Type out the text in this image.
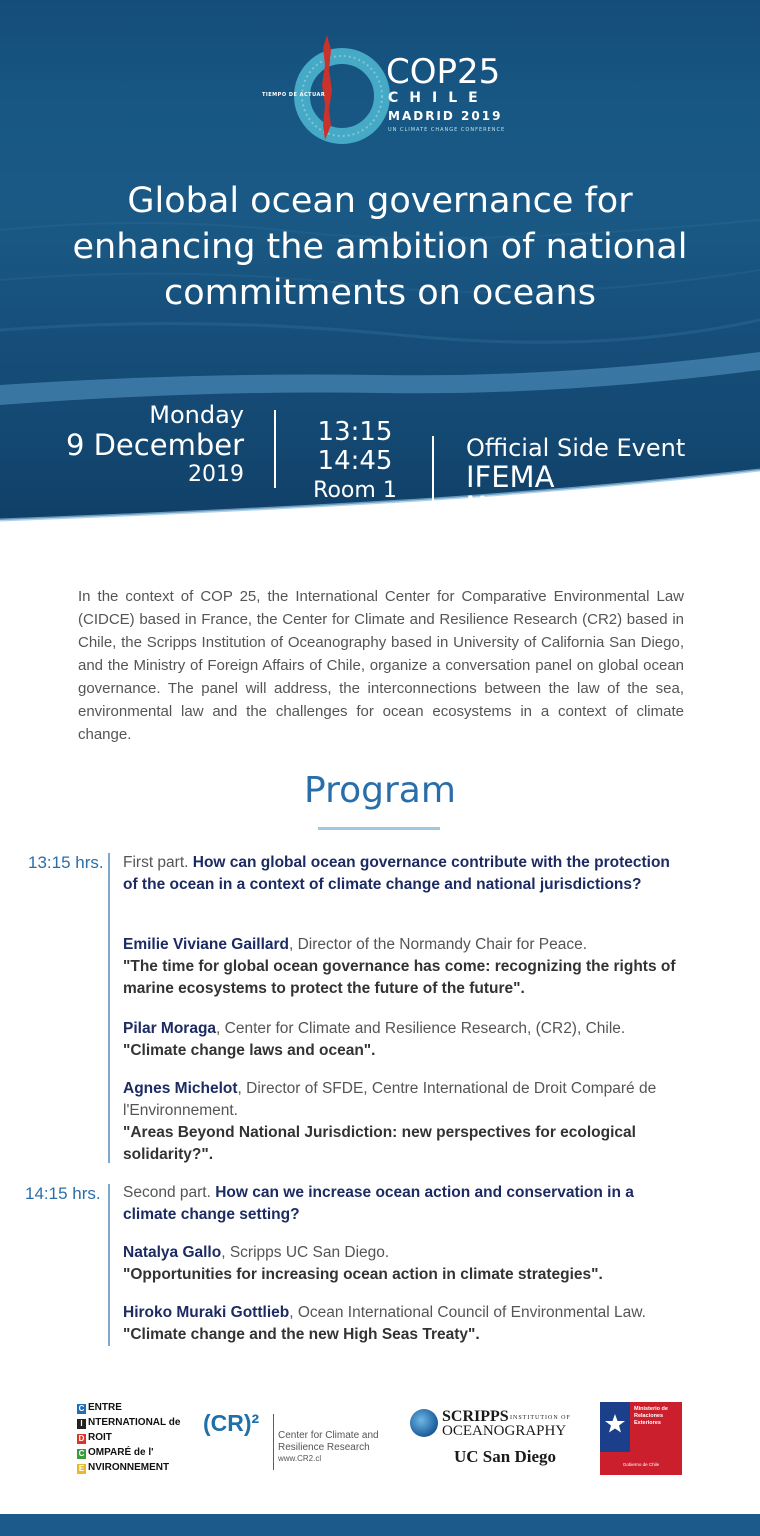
TIEMPO DE ACTUAR
COP25
CHILE
MADRID 2019
UN CLIMATE CHANGE CONFERENCE
Global ocean governance for
enhancing the ambition of national
commitments on oceans
Monday
9 December
2019
13:15
14:45
Room 1
Official Side Event
IFEMA
Madrid, Spain
In the context of COP 25, the International Center for Comparative Environmental Law (CIDCE) based in France, the Center for Climate and Resilience Research (CR2) based in Chile, the Scripps Institution of Oceanography based in University of California San Diego, and the Ministry of Foreign Affairs of Chile, organize a conversation panel on global ocean governance. The panel will address, the interconnections between the law of the sea, environmental law and the challenges for ocean ecosystems in a context of climate change.
Program
13:15 hrs. First part. How can global ocean governance contribute with the protection of the ocean in a context of climate change and national jurisdictions?
Emilie Viviane Gaillard, Director of the Normandy Chair for Peace.
"The time for global ocean governance has come: recognizing the rights of marine ecosystems to protect the future of the future".
Pilar Moraga, Center for Climate and Resilience Research, (CR2), Chile.
"Climate change laws and ocean".
Agnes Michelot, Director of SFDE, Centre International de Droit Comparé de l'Environnement.
"Areas Beyond National Jurisdiction: new perspectives for ecological solidarity?".
14:15 hrs. Second part. How can we increase ocean action and conservation in a climate change setting?
Natalya Gallo, Scripps UC San Diego.
"Opportunities for increasing ocean action in climate strategies".
Hiroko Muraki Gottlieb, Ocean International Council of Environmental Law.
"Climate change and the new High Seas Treaty".
C ENTRE
I NTERNATIONAL de
D ROIT
C OMPARÉ de l'
E NVIRONNEMENT
(CR)² Center for Climate and Resilience Research
www.CR2.cl
SCRIPPS INSTITUTION OF
OCEANOGRAPHY
UC San Diego
Ministerio de Relaciones Exteriores
Gobierno de Chile
